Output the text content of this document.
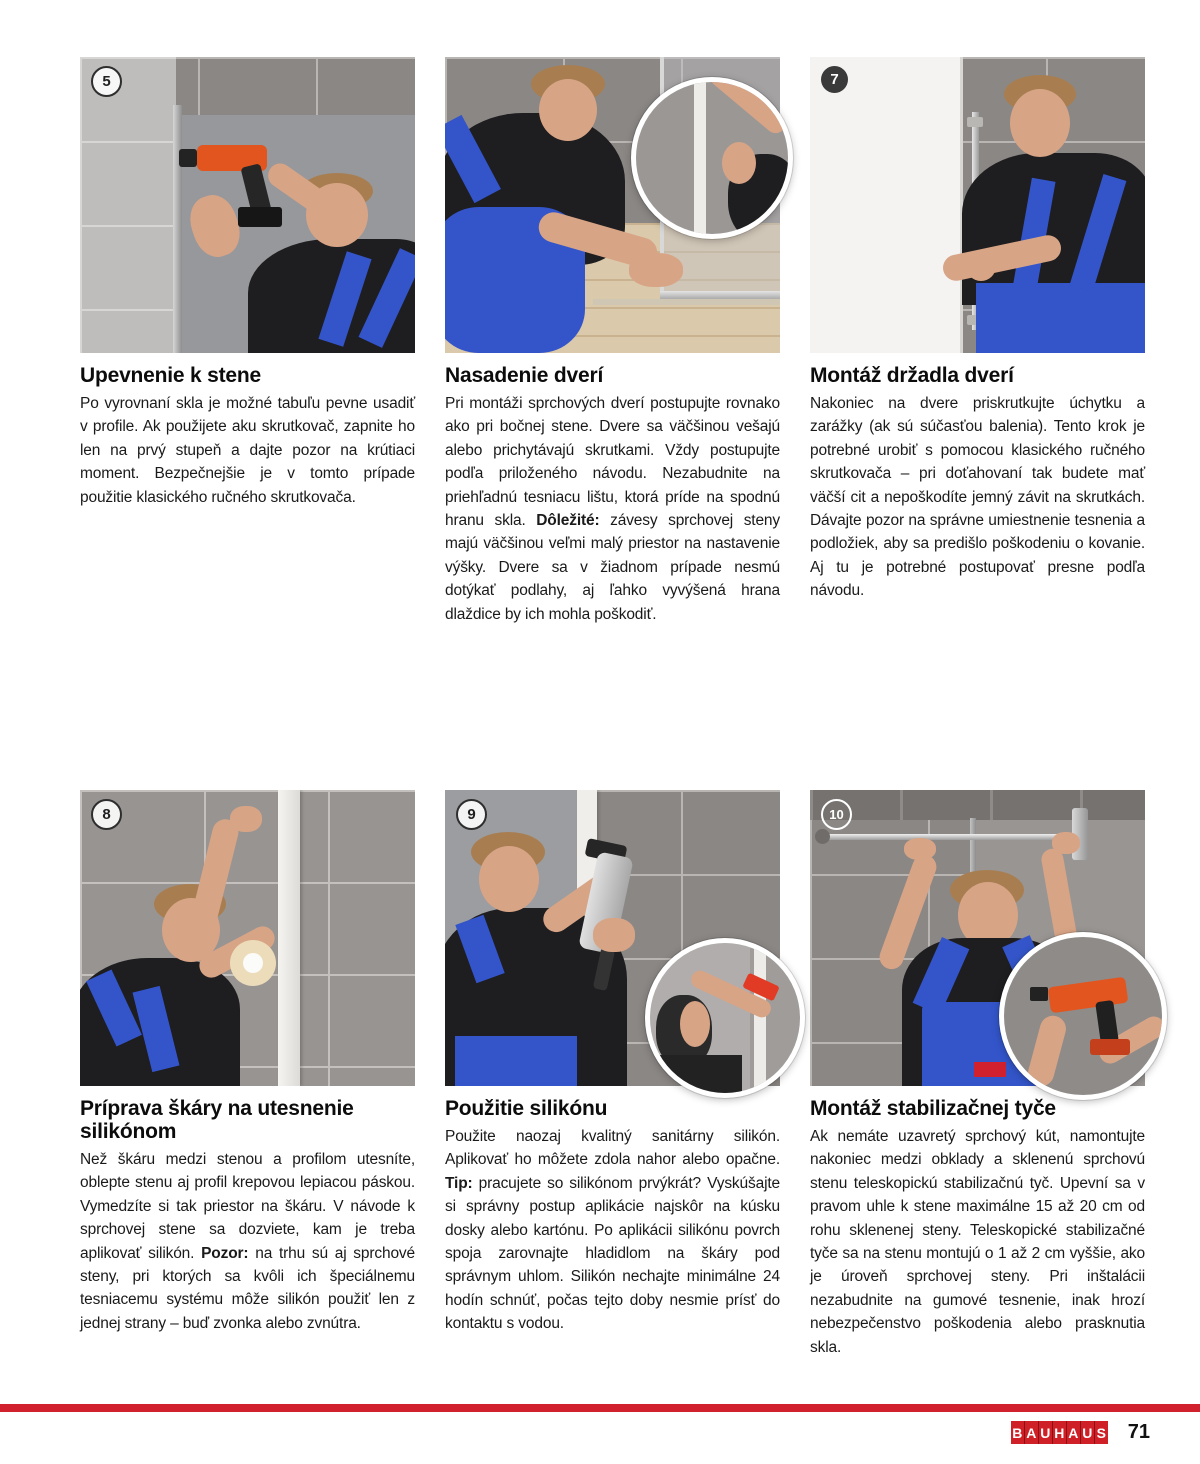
5
Upevnenie k stene

Po vyrovnaní skla je možné tabuľu pevne usadiť v profile. Ak použijete aku skrutkovač, zapnite ho len na prvý stupeň a dajte pozor na krútiaci moment. Bezpečnejšie je v tomto prípade použitie klasického ručného skrutkovača.

Nasadenie dverí

Pri montáži sprchových dverí postupujte rovnako ako pri bočnej stene. Dvere sa väčšinou vešajú alebo prichytávajú skrutkami. Vždy postupujte podľa priloženého návodu. Nezabudnite na priehľadnú tesniacu lištu, ktorá príde na spodnú hranu skla. Dôležité: závesy sprchovej steny majú väčšinou veľmi malý priestor na nastavenie výšky. Dvere sa v žiadnom prípade nesmú dotýkať podlahy, aj ľahko vyvýšená hrana dlaždice by ich mohla poškodiť.

7
Montáž držadla dverí

Nakoniec na dvere priskrutkujte úchytku a zarážky (ak sú súčasťou balenia). Tento krok je potrebné urobiť s pomocou klasického ručného skrutkovača – pri doťahovaní tak budete mať väčší cit a nepoškodíte jemný závit na skrutkách. Dávajte pozor na správne umiestnenie tesnenia a podložiek, aby sa predišlo poškodeniu o kovanie. Aj tu je potrebné postupovať presne podľa návodu.

8
Príprava škáry na utesnenie silikónom

Než škáru medzi stenou a profilom utesníte, oblepte stenu aj profil krepovou lepiacou páskou. Vymedzíte si tak priestor na škáru. V návode k sprchovej stene sa dozviete, kam je treba aplikovať silikón. Pozor: na trhu sú aj sprchové steny, pri ktorých sa kvôli ich špeciálnemu tesniacemu systému môže silikón použiť len z jednej strany – buď zvonka alebo zvnútra.

9
Použitie silikónu

Použite naozaj kvalitný sanitárny silikón. Aplikovať ho môžete zdola nahor alebo opačne. Tip: pracujete so silikónom prvýkrát? Vyskúšajte si správny postup aplikácie najskôr na kúsku dosky alebo kartónu. Po aplikácii silikónu povrch spoja zarovnajte hladidlom na škáry pod správnym uhlom. Silikón nechajte minimálne 24 hodín schnúť, počas tejto doby nesmie prísť do kontaktu s vodou.

10
Montáž stabilizačnej tyče

Ak nemáte uzavretý sprchový kút, namontujte nakoniec medzi obklady a sklenenú sprchovú stenu teleskopickú stabilizačnú tyč. Upevní sa v pravom uhle k stene maximálne 15 až 20 cm od rohu sklenenej steny. Teleskopické stabilizačné tyče sa na stenu montujú o 1 až 2 cm vyššie, ako je úroveň sprchovej steny. Pri inštalácii nezabudnite na gumové tesnenie, inak hrozí nebezpečenstvo poškodenia alebo prasknutia skla.

B A U H A U S 71
